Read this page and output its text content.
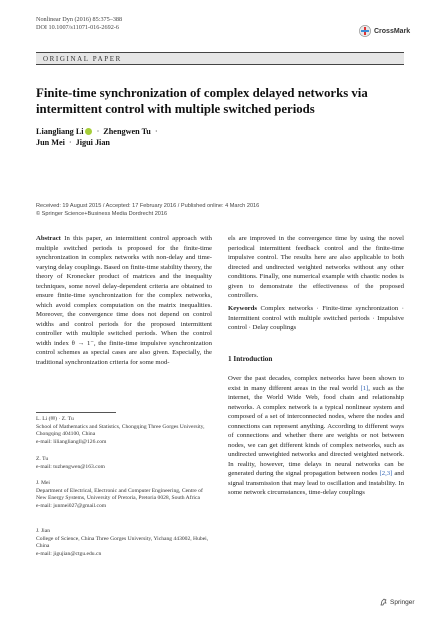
Nonlinear Dyn (2016) 85:375–388
DOI 10.1007/s11071-016-2692-6	CrossMark
ORIGINAL PAPER
Finite-time synchronization of complex delayed networks via intermittent control with multiple switched periods
Liangliang Li · Zhengwen Tu ·
Jun Mei · Jigui Jian
Received: 19 August 2015 / Accepted: 17 February 2016 / Published online: 4 March 2016
© Springer Science+Business Media Dordrecht 2016
Abstract In this paper, an intermittent control approach with multiple switched periods is proposed for the finite-time synchronization in complex networks with non-delay and time-varying delay couplings. Based on finite-time stability theory, the theory of Kronecker product of matrices and the inequality techniques, some novel delay-dependent criteria are obtained to ensure finite-time synchronization for the complex networks, which avoid complex computation on the matrix inequalities. Moreover, the convergence time does not depend on control widths and control periods for the proposed intermittent controller with multiple switched periods. When the control width index θ → 1⁻, the finite-time impulsive synchronization control schemes as special cases are also given. Especially, the traditional synchronization criteria for some mod-
els are improved in the convergence time by using the novel periodical intermittent feedback control and the finite-time impulsive control. The results here are also applicable to both directed and undirected weighted networks without any other conditions. Finally, one numerical example with chaotic nodes is given to demonstrate the effectiveness of the proposed controllers.
Keywords Complex networks · Finite-time synchronization · Intermittent control with multiple switched periods · Impulsive control · Delay couplings
L. Li (✉) · Z. Tu
School of Mathematics and Statistics, Chongqing Three Gorges University, Chongqing 404100, China
e-mail: liliangliangll@126.com
Z. Tu
e-mail: tuzhengwen@163.com
J. Mei
Department of Electrical, Electronic and Computer Engineering, Centre of New Energy Systems, University of Pretoria, Pretoria 0028, South Africa
e-mail: junmei027@gmail.com
J. Jian
College of Science, China Three Gorges University, Yichang 443002, Hubei, China
e-mail: jigujian@ctgu.edu.cn
1 Introduction
Over the past decades, complex networks have been shown to exist in many different areas in the real world [1], such as the internet, the World Wide Web, food chain and relationship networks. A complex network is a typical nonlinear system and composed of a set of interconnected nodes, where the nodes and connections can represent anything. According to different ways of connections and whether there are weights or not between nodes, we can get different kinds of complex networks, such as undirected unweighted networks and directed weighted network. In reality, however, time delays in neural networks can be generated during the signal propagation between nodes [2,3] and signal transmission that may lead to oscillation and instability. In some network circumstances, time-delay couplings
Springer
